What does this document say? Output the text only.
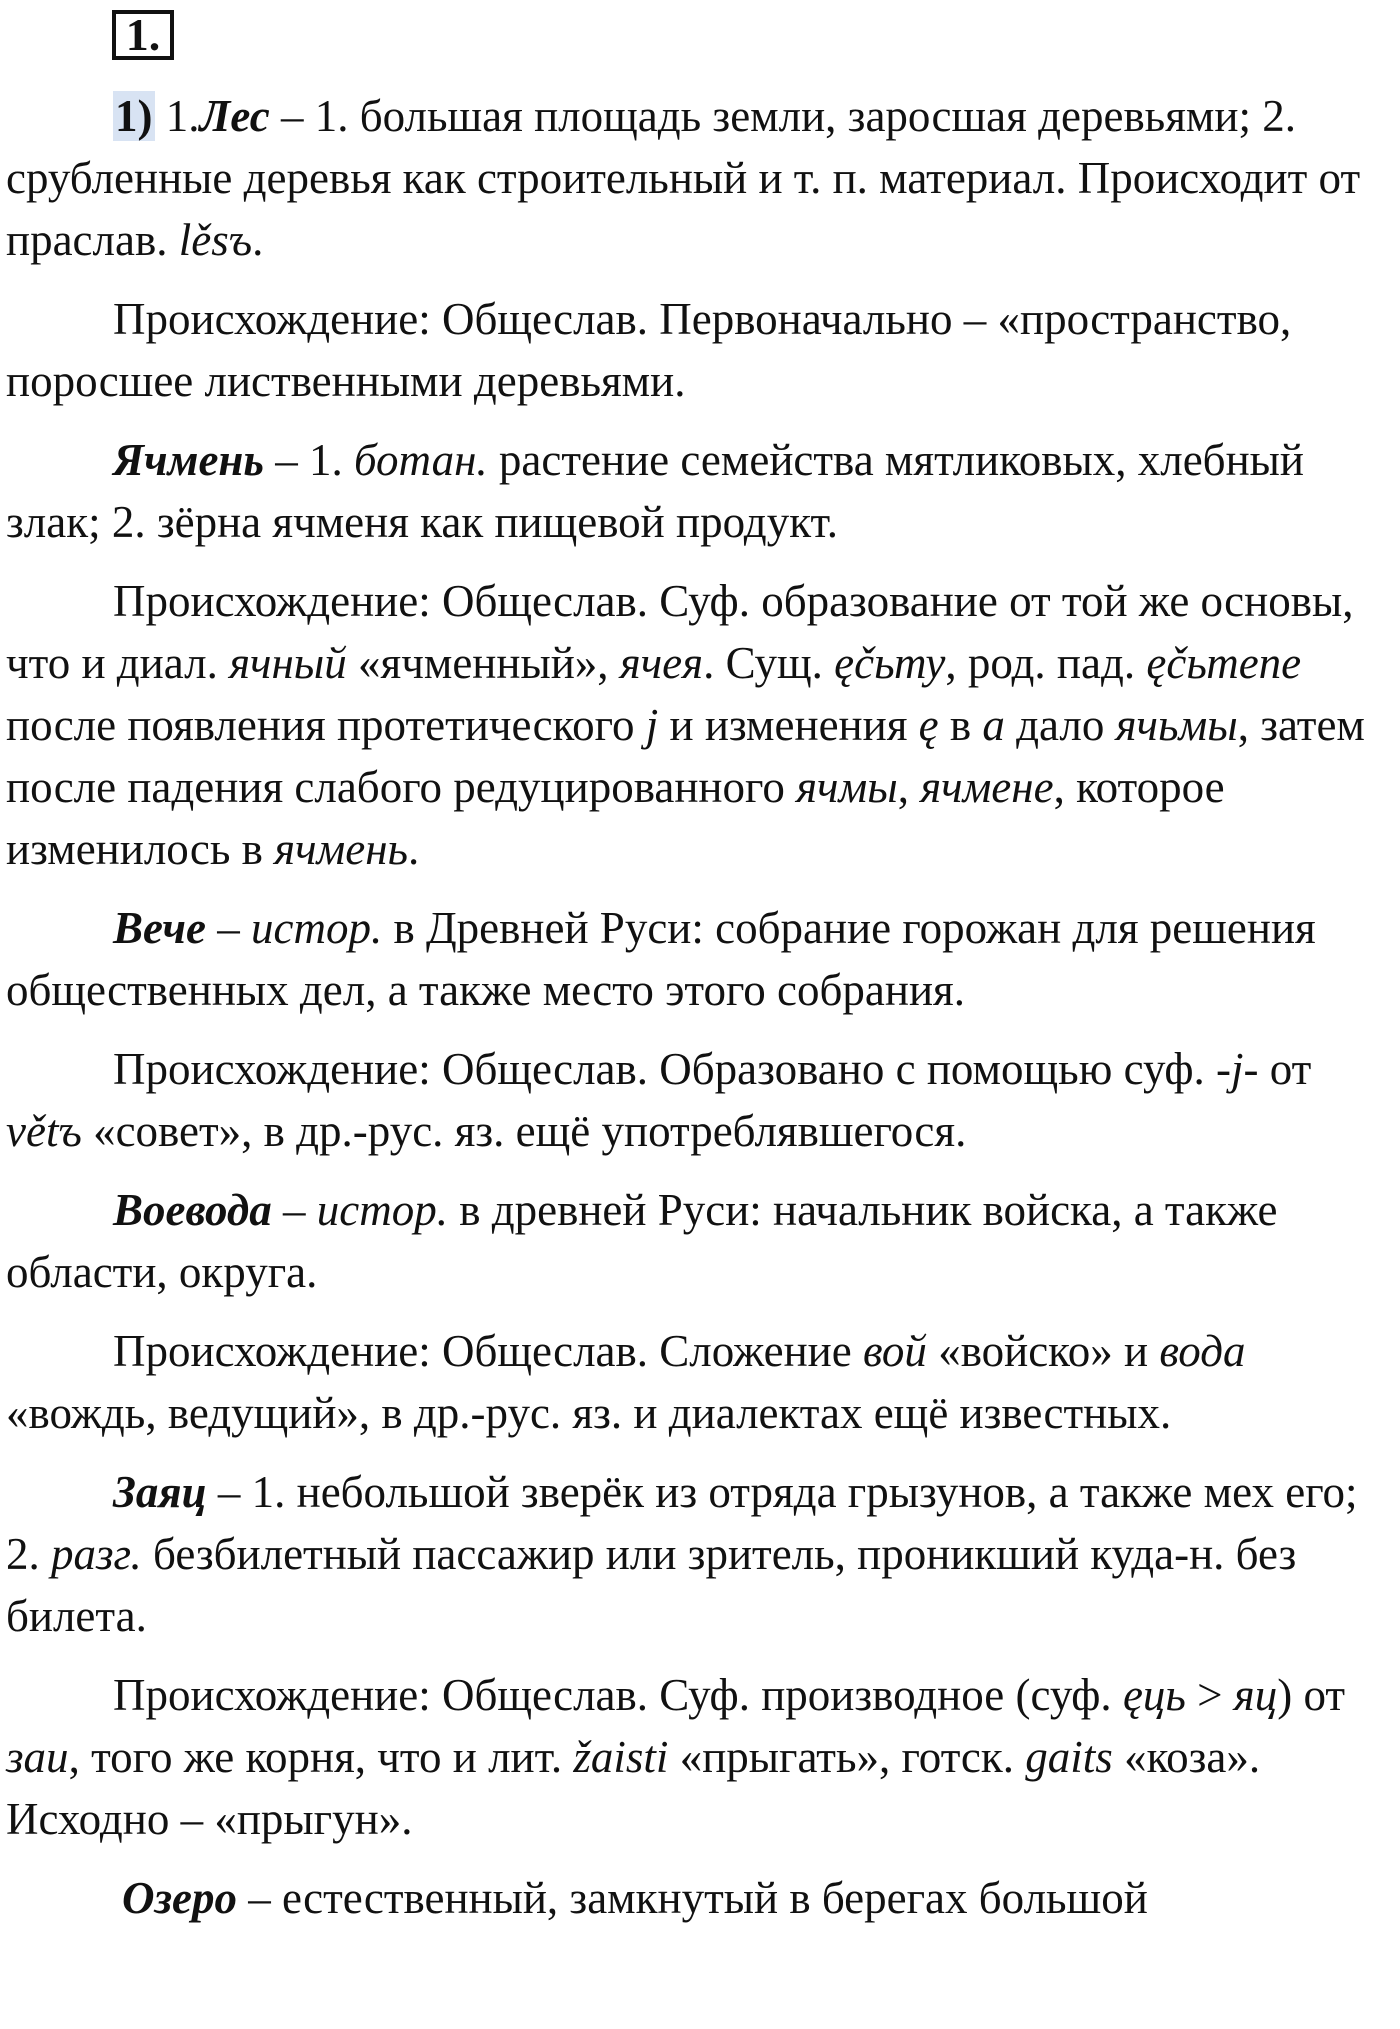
1.

1) 1.Лес – 1. большая площадь земли, заросшая деревьями; 2. срубленные деревья как строительный и т. п. материал. Происходит от праслав. lěsъ.

Происхождение: Общеслав. Первоначально – «пространство, поросшее лиственными деревьями.

Ячмень – 1. ботан. растение семейства мятликовых, хлебный злак; 2. зёрна ячменя как пищевой продукт.

Происхождение: Общеслав. Суф. образование от той же основы, что и диал. ячный «ячменный», ячея. Сущ. ęčьту, род. пад. ęčьтепе после появления протетического j и изменения ę в a дало ячьмы, затем после падения слабого редуцированного ячмы, ячмене, которое изменилось в ячмень.

Вече – истор. в Древней Руси: собрание горожан для решения общественных дел, а также место этого собрания.

Происхождение: Общеслав. Образовано с помощью суф. -j- от větъ «совет», в др.-рус. яз. ещё употреблявшегося.

Воевода – истор. в древней Руси: начальник войска, а также области, округа.

Происхождение: Общеслав. Сложение вой «войско» и вода «вождь, ведущий», в др.-рус. яз. и диалектах ещё известных.

Заяц – 1. небольшой зверёк из отряда грызунов, а также мех его; 2. разг. безбилетный пассажир или зритель, проникший куда-н. без билета.

Происхождение: Общеслав. Суф. производное (суф. ęць > яц) от заи, того же корня, что и лит. žaisti «прыгать», готск. gaits «коза». Исходно – «прыгун».

Озеро – естественный, замкнутый в берегах большой
